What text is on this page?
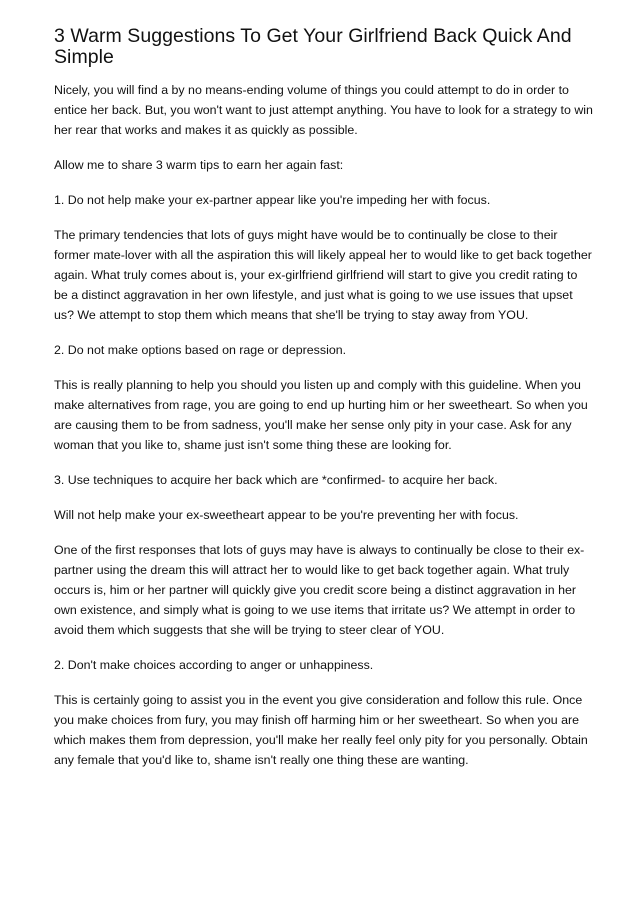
3 Warm Suggestions To Get Your Girlfriend Back Quick And Simple

Nicely, you will find a by no means-ending volume of things you could attempt to do in order to entice her back. But, you won't want to just attempt anything. You have to look for a strategy to win her rear that works and makes it as quickly as possible.

Allow me to share 3 warm tips to earn her again fast:

1. Do not help make your ex-partner appear like you're impeding her with focus.

The primary tendencies that lots of guys might have would be to continually be close to their former mate-lover with all the aspiration this will likely appeal her to would like to get back together again. What truly comes about is, your ex-girlfriend girlfriend will start to give you credit rating to be a distinct aggravation in her own lifestyle, and just what is going to we use issues that upset us? We attempt to stop them which means that she'll be trying to stay away from YOU.

2. Do not make options based on rage or depression.

This is really planning to help you should you listen up and comply with this guideline. When you make alternatives from rage, you are going to end up hurting him or her sweetheart. So when you are causing them to be from sadness, you'll make her sense only pity in your case. Ask for any woman that you like to, shame just isn't some thing these are looking for.

3. Use techniques to acquire her back which are *confirmed- to acquire her back.

Will not help make your ex-sweetheart appear to be you're preventing her with focus.

One of the first responses that lots of guys may have is always to continually be close to their ex-partner using the dream this will attract her to would like to get back together again. What truly occurs is, him or her partner will quickly give you credit score being a distinct aggravation in her own existence, and simply what is going to we use items that irritate us? We attempt in order to avoid them which suggests that she will be trying to steer clear of YOU.

2. Don't make choices according to anger or unhappiness.

This is certainly going to assist you in the event you give consideration and follow this rule. Once you make choices from fury, you may finish off harming him or her sweetheart. So when you are which makes them from depression, you'll make her really feel only pity for you personally. Obtain any female that you'd like to, shame isn't really one thing these are wanting.
